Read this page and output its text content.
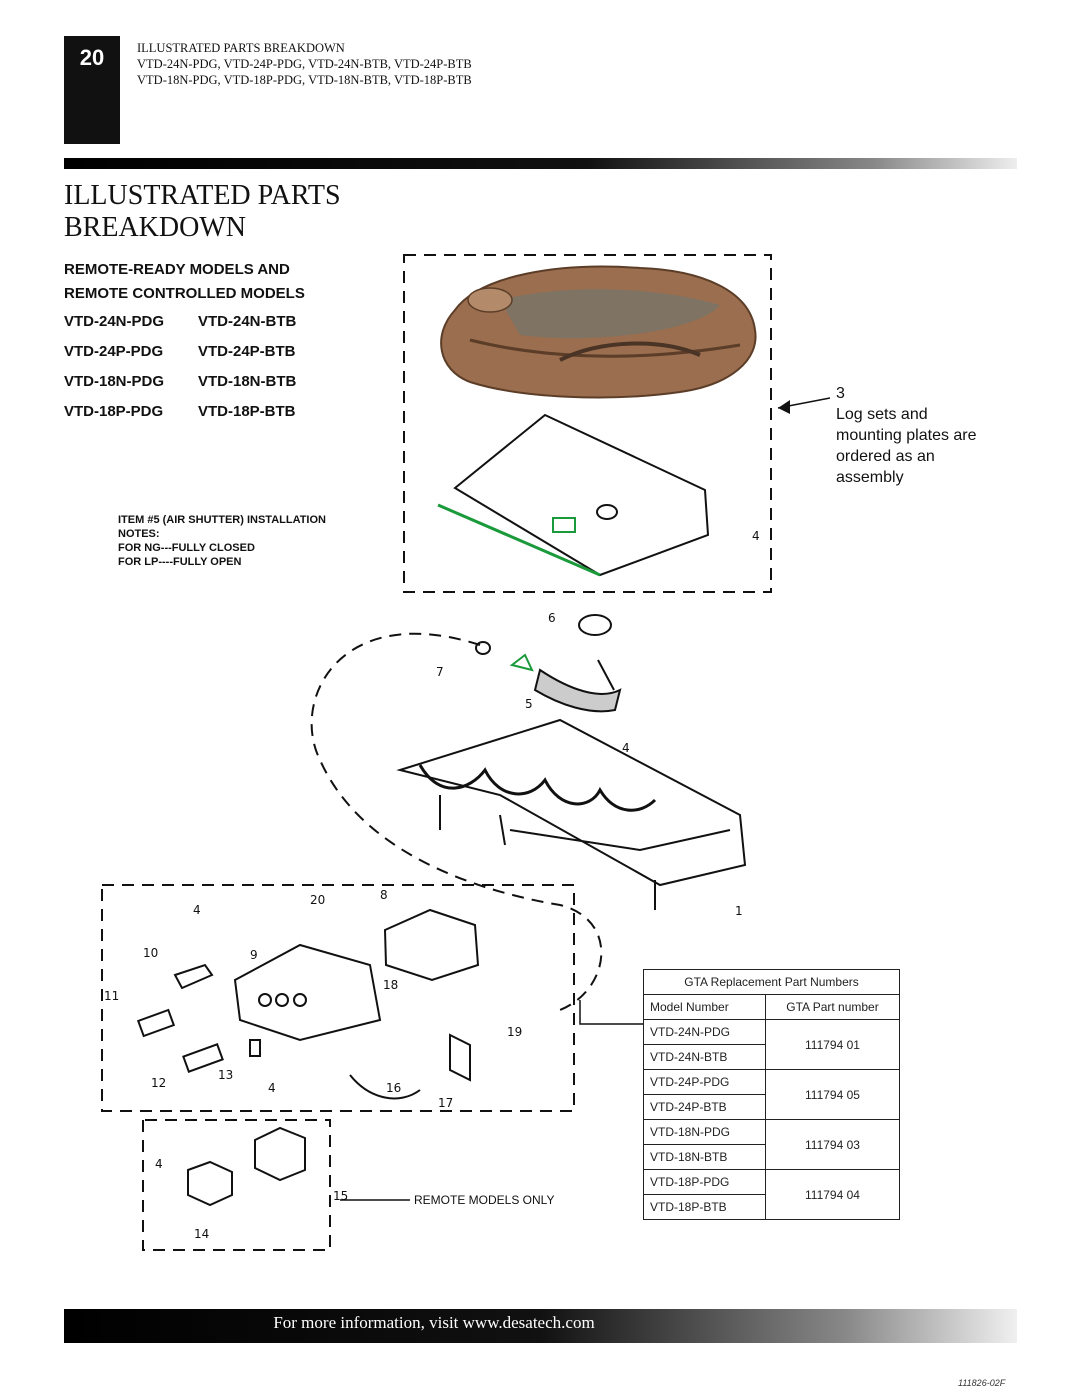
20	ILLUSTRATED PARTS BREAKDOWN
VTD-24N-PDG, VTD-24P-PDG, VTD-24N-BTB, VTD-24P-BTB
VTD-18N-PDG, VTD-18P-PDG, VTD-18N-BTB, VTD-18P-BTB
ILLUSTRATED PARTS
BREAKDOWN
REMOTE-READY MODELS AND
REMOTE CONTROLLED MODELS
VTD-24N-PDG VTD-24N-BTB
VTD-24P-PDG VTD-24P-BTB
VTD-18N-PDG VTD-18N-BTB
VTD-18P-PDG VTD-18P-BTB
ITEM #5 (AIR SHUTTER) INSTALLATION
NOTES:
FOR NG---FULLY CLOSED
FOR LP----FULLY OPEN
1
4
4
4
4
4
5
6
7
8
9
10
11
12
13
14
15
16
17
18
19
20
3
Log sets and mounting plates are ordered as an assembly
REMOTE MODELS ONLY
GTA Replacement Part Numbers	
Model Number	GTA Part number
VTD-24N-PDG	111794 01
VTD-24N-BTB	
VTD-24P-PDG	111794 05
VTD-24P-BTB	
VTD-18N-PDG	111794 03
VTD-18N-BTB	
VTD-18P-PDG	111794 04
VTD-18P-BTB	
For more information, visit www.desatech.com
111826-02F
